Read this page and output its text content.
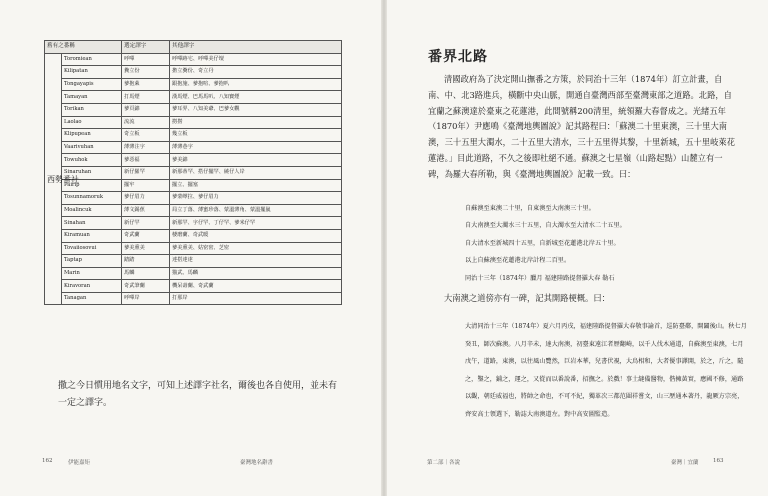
舊有之番稱		選定譯字	其他譯字
西勢番社	Toromiean	呼嘽	呼嘽跡宅、呼嘽美仔壇
	Kilipatan	糞立份	擔立糞份、奇立丹
	Tongayapis	爹抱萊	跟抱施、爹抱喧、爹抱叭
	Tamayan	打馬煙	漢馬煙、巴馬馬叭、八知寶煙
	Torikan	爹頁錦	爹耳羿、八知美爺、巴爹女觀
	Laolao	流流	撈撈
	Klipupean	奇立板	幾立板
	Vaarivuhan	薄薄注宇	薄薄巷宇
	Towuhok	爹惡福	爹美錦
	Sinaruhan	新仔羅罕	新那蒂罕、搭仔擺罕、繞仔人岸
	Pairip	擺牢	擺立、擺塞
	Tosunnamoruk	爹仔眉力	爹蒙嶧拉、爹仔眉力
	Moalincuk	薄文錫蕉	局立丁落、薄蜜珍落、蒙溫薄角、蒙溫擺嵐
	Sinahan	新仔罕	新那罕、字仔罕、丁仔罕、爹米仔罕
	Kiramuan	奇武蘭	棲磨蘭、奇武暖
	Tovaiiosovui	爹美熏美	爹美熏美、姑密密、芝密
	Taptap	踏踏	達搭達達
	Marin	馬麟	猫武、馬麟
	Kiravoran	奇武筆蘭	機呆壽蘭、奇武蘭
	Tanagan	呼嘽岸	打那岸
撒之今日慣用地名文字，可知上述譯字社名，爾後也各自使用，並未有一定之譯字。
162	伊能嘉矩	臺灣地名辭書
番界北路
清國政府為了決定開山撫番之方策，於同治十三年（1874年）訂立計畫，自南、中、北3路進兵，橫斷中央山脈，開通自臺灣西部至臺灣東部之道路。北路，自宜蘭之蘇澳達於臺東之花蓮港，此間號稱200清里，統領羅大春督成之。光緒五年（1870年）尹應鳴《臺灣地輿圖說》記其路程曰：「蘇澳二十里東澳，三十里大南澳，三十五里大濁水，二十五里大清水，三十五里得其黎，十里新城，五十里岐萊花蓮港。」目此道路，不久之後即杜絕不通。蘇澳之七星嶺（山路起點）山麓立有一碑，為羅大春所勒，與《臺灣地輿圖說》記載一致。曰：
自蘇澳至東澳二十里，自東澳至大南澳三十里。
自大南澳至大濁水三十五里，自大濁水至大清水二十五里。
自大清水至新城四十五里，自新城至花蓮港北岸五十里。
以上自蘇澳至花蓮港北岸計程二百里。
同治十三年（1874年）臘月 福建陸路提督羅大春 勒石
大南澳之道傍亦有一碑，記其開路梗概。曰：
大清同治十三年（1874年）夏六月丙戌，福建陸路提督羅大春敬事諭首，巡防臺鄰，開闢後山。秋七月癸丑，師次蘇澳。八月辛未，達大南澳，初臺東遠江者歷翻崎，以千人伐木通道，自蘇澳至東澳，七月戊午，道路，東澳，以往風山覽然，巨岩本華，兒書伏視，大鳥相和，大者優事譯開，於之，斤之，隨之，鑿之，鋪之，運之，又從而以番說番，招撫之。於戲！事土縫備醫物，偕擁黃實，應國不修，通路以觀，朝廷威福也，將帥之命也，不可不紀，獨革次三都范圍祥嘗文，山三歷通本著丹，龍厥方宗亮，齊安高士領選下，勒誌大南澳道左。對中高安圖監造。
第二部｜各說	臺灣｜宜蘭	163
